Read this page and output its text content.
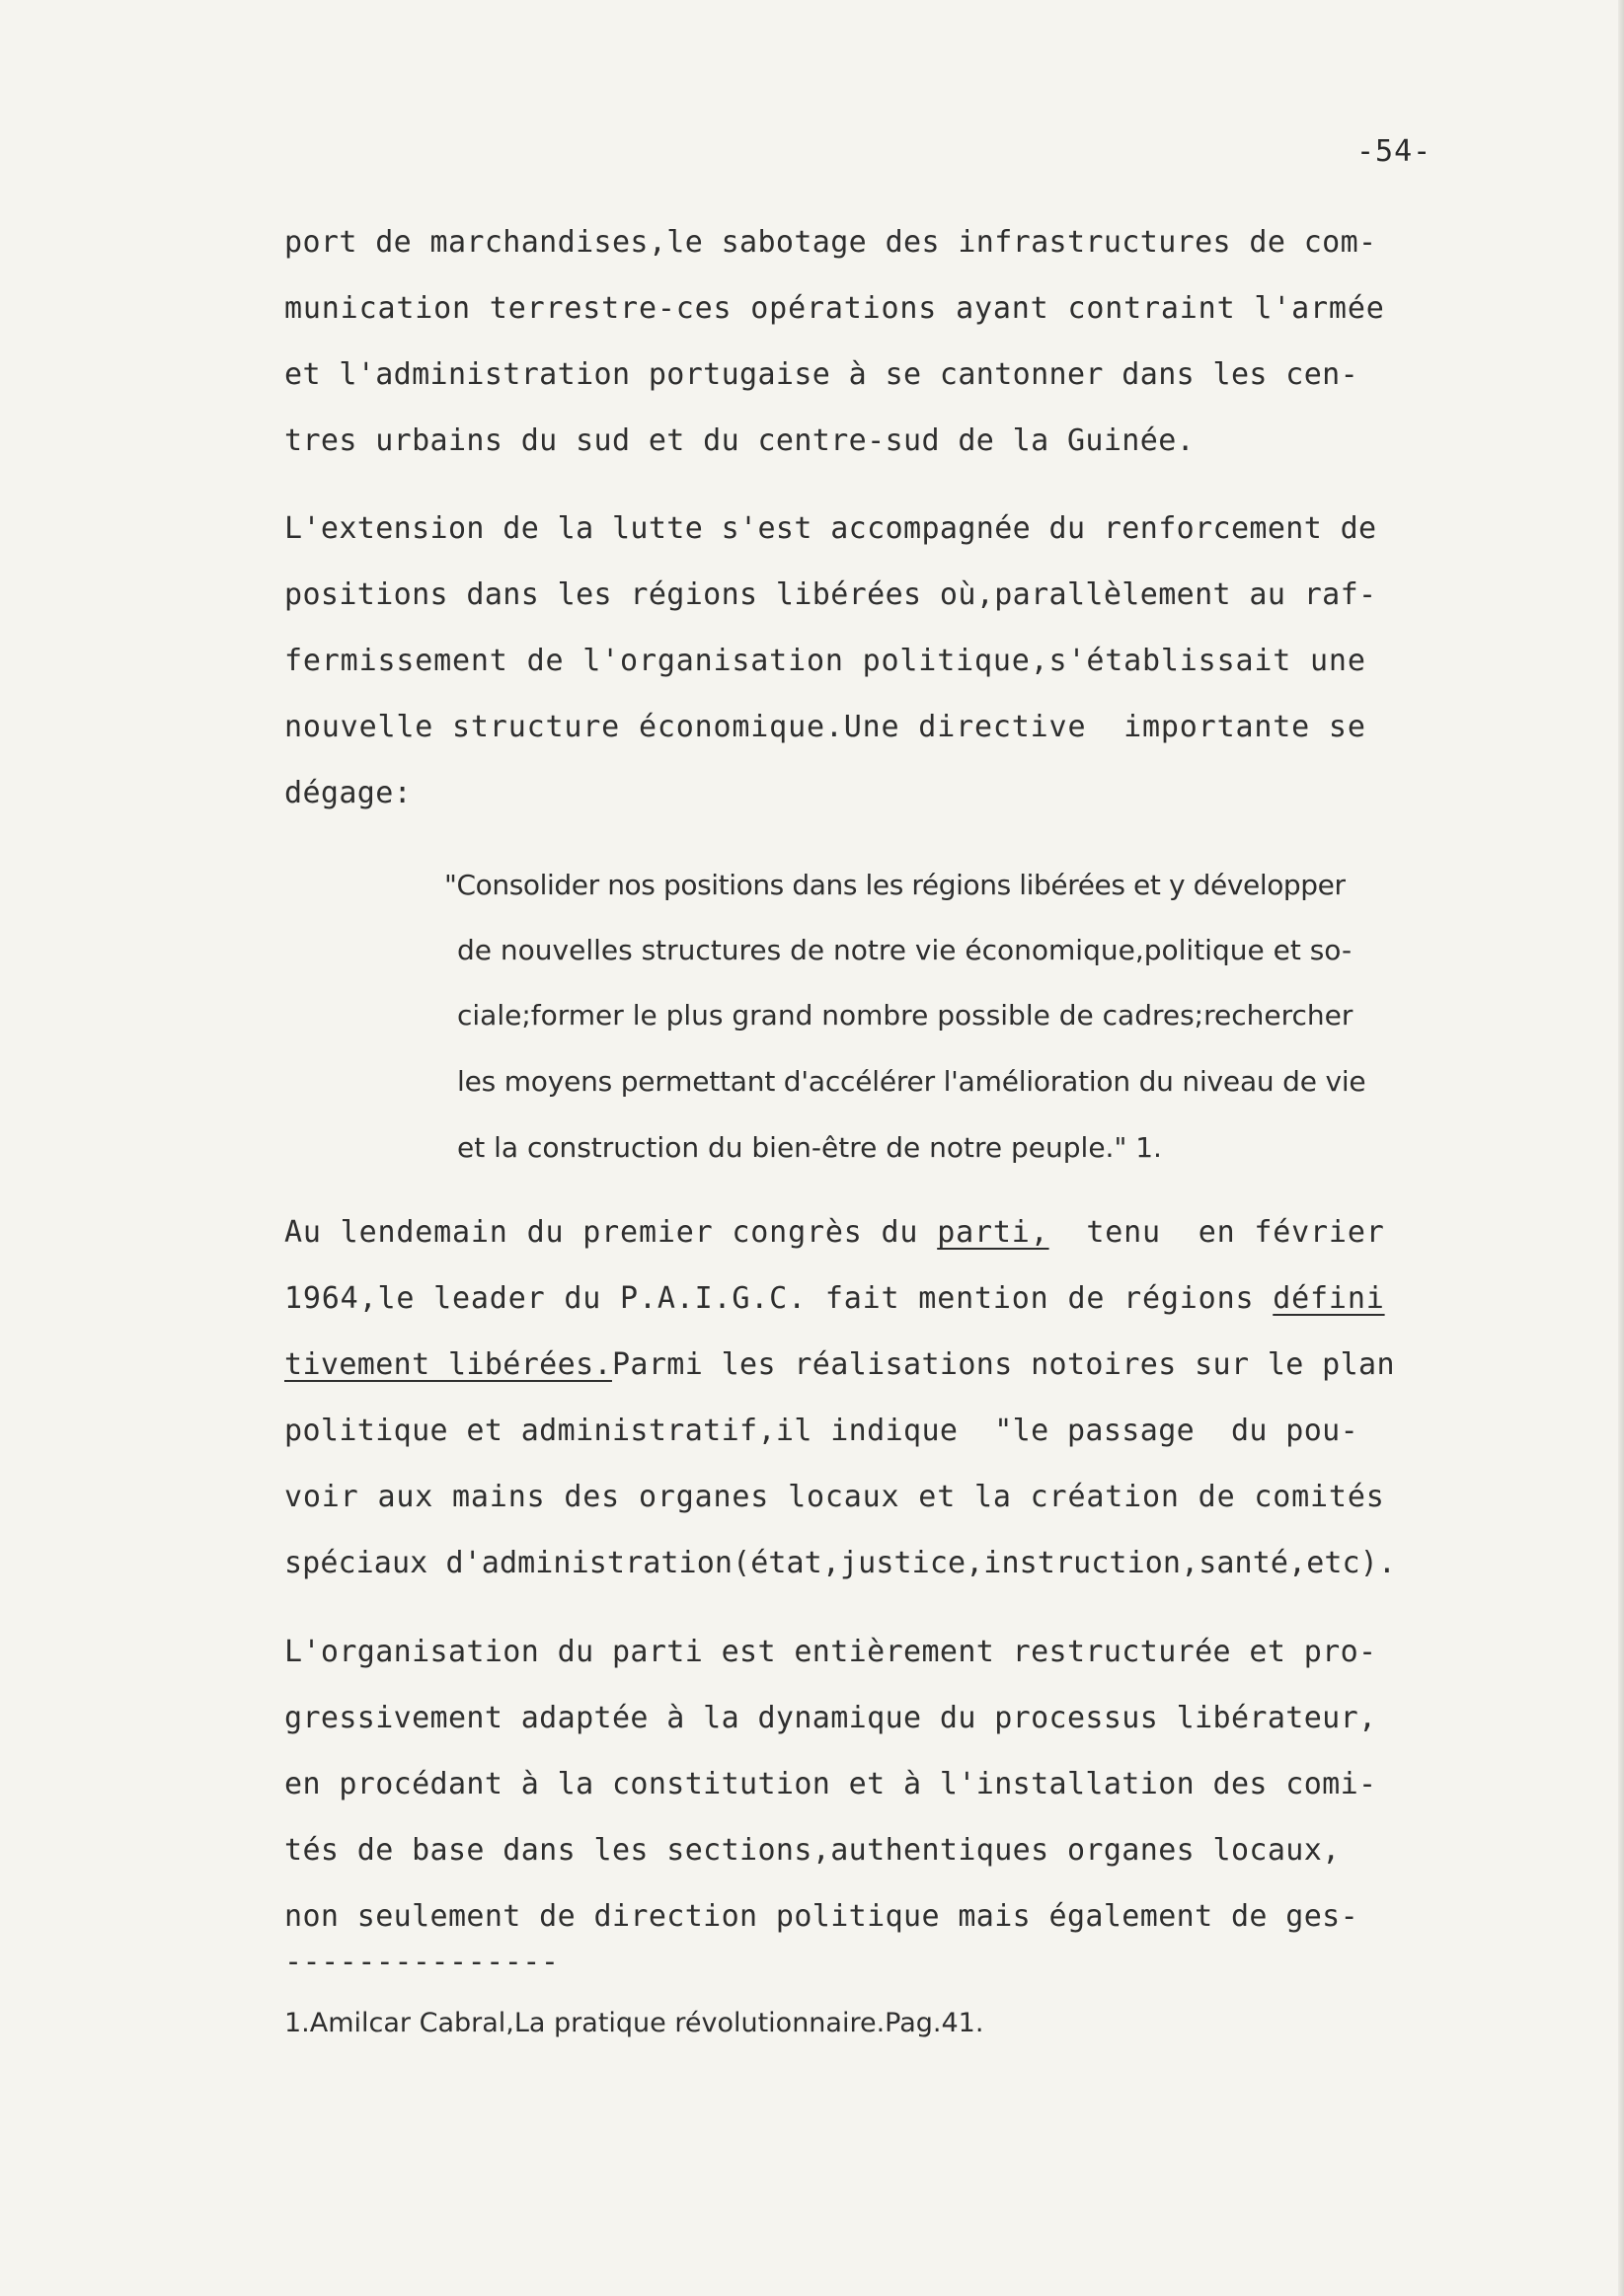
-54-
port de marchandises,le sabotage des infrastructures de com-
munication terrestre-ces opérations ayant contraint l'armée
et l'administration portugaise à se cantonner dans les cen-
tres urbains du sud et du centre-sud de la Guinée.
L'extension de la lutte s'est accompagnée du renforcement de
positions dans les régions libérées où,parallèlement au raf-
fermissement de l'organisation politique,s'établissait une
nouvelle structure économique.Une directive  importante se
dégage:
"Consolider nos positions dans les régions libérées et y développer
de nouvelles structures de notre vie économique,politique et so-
ciale;former le plus grand nombre possible de cadres;rechercher
les moyens permettant d'accélérer l'amélioration du niveau de vie
et la construction du bien-être de notre peuple." 1.
Au lendemain du premier congrès du parti,  tenu  en février
1964,le leader du P.A.I.G.C. fait mention de régions défini
tivement libérées.Parmi les réalisations notoires sur le plan
politique et administratif,il indique  "le passage  du pou-
voir aux mains des organes locaux et la création de comités
spéciaux d'administration(état,justice,instruction,santé,etc).
L'organisation du parti est entièrement restructurée et pro-
gressivement adaptée à la dynamique du processus libérateur,
en procédant à la constitution et à l'installation des comi-
tés de base dans les sections,authentiques organes locaux,
non seulement de direction politique mais également de ges-
---------------
1.Amilcar Cabral,La pratique révolutionnaire.Pag.41.
